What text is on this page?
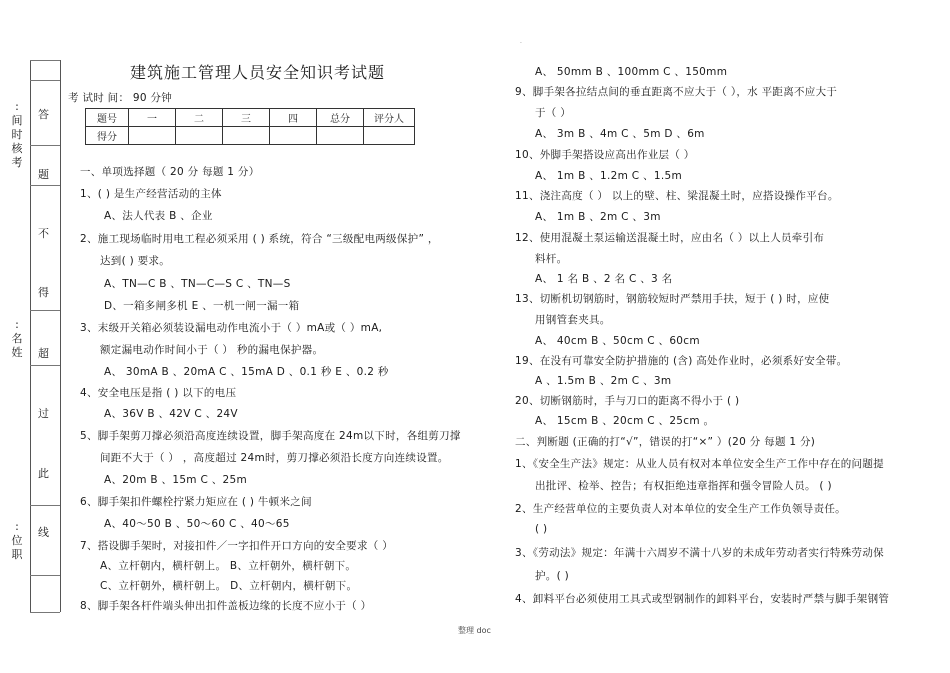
:间时核考
:名姓
:位职
答
题
不
得
超
过
此
线
建筑施工管理人员安全知识考试题
考 试时 间： 90 分钟
.
题号	一	二	三	四	总分	评分人
得分						
一、单项选择题（ 20 分 每题 1 分）
1、( ) 是生产经营活动的主体
A、法人代表 B 、企业
2、施工现场临时用电工程必须采用 ( ) 系统，符合 “三级配电两级保护” ，
达到( ) 要求。
A、TN—C B 、TN—C—S C 、TN—S
D、一箱多闸多机 E 、一机一闸一漏一箱
3、末级开关箱必须装设漏电动作电流小于（ ）mA或（ ）mA,
额定漏电动作时间小于（ ） 秒的漏电保护器。
A、 30mA B 、20mA C 、15mA D 、0.1 秒 E 、0.2 秒
4、安全电压是指 ( ) 以下的电压
A、36V B 、42V C 、24V
5、脚手架剪刀撑必须沿高度连续设置，脚手架高度在 24m以下时，各组剪刀撑
间距不大于（ ） ，高度超过 24m时，剪刀撑必须沿长度方向连续设置。
A、20m B 、15m C 、25m
6、脚手架扣件螺栓拧紧力矩应在 ( ) 牛顿米之间
A、40～50 B 、50～60 C 、40～65
7、搭设脚手架时，对接扣件／一字扣件开口方向的安全要求（ ）
A、立杆朝内，横杆朝上。 B、立杆朝外，横杆朝下。
C、立杆朝外，横杆朝上。 D、立杆朝内，横杆朝下。
8、脚手架各杆件端头伸出扣件盖板边缘的长度不应小于（ ）
A、 50mm B 、100mm C 、150mm
9、脚手架各拉结点间的垂直距离不应大于（ ），水 平距离不应大于
于（ ）
A、 3m B 、4m C 、5m D 、6m
10、外脚手架搭设应高出作业层（ ）
A、 1m B 、1.2m C 、1.5m
11、浇注高度（ ） 以上的壁、柱、梁混凝土时，应搭设操作平台。
A、 1m B 、2m C 、3m
12、使用混凝土泵运输送混凝土时，应由名（ ）以上人员牵引布
料杆。
A、 1 名 B 、2 名 C 、3 名
13、切断机切钢筋时，钢筋较短时严禁用手扶，短于 ( ) 时，应使
用钢管套夹具。
A、 40cm B 、50cm C 、60cm
19、在没有可靠安全防护措施的 (含) 高处作业时，必须系好安全带。
A 、1.5m B 、2m C 、3m
20、切断钢筋时，手与刀口的距离不得小于 ( )
A、 15cm B 、20cm C 、25cm 。
二、判断题 (正确的打“√”，错误的打“×” ）(20 分 每题 1 分)
1、《安全生产法》规定：从业人员有权对本单位安全生产工作中存在的问题提
出批评、检举、控告；有权拒绝违章指挥和强令冒险人员。 ( )
2、生产经营单位的主要负责人对本单位的安全生产工作负领导责任。
( )
3、《劳动法》规定：年满十六周岁不满十八岁的未成年劳动者实行特殊劳动保
护。( )
4、卸料平台必须使用工具式或型钢制作的卸料平台，安装时严禁与脚手架钢管
整理 doc
